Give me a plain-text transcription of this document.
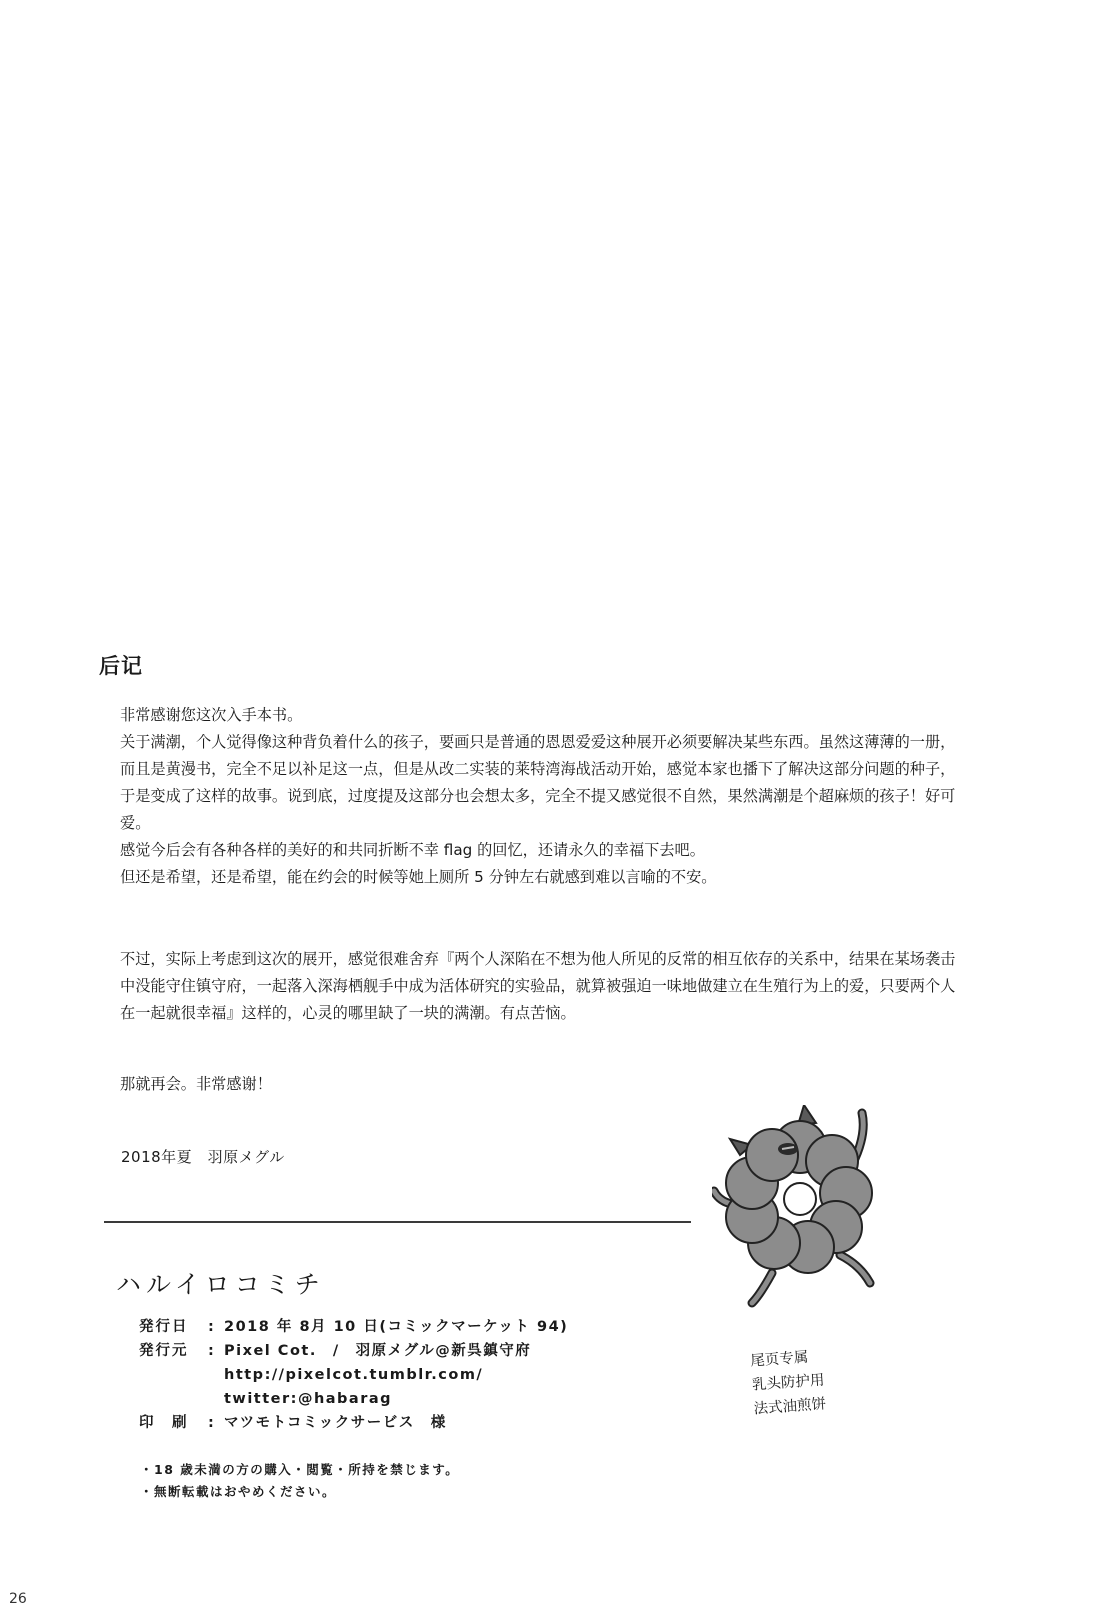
后记
非常感谢您这次入手本书。
关于满潮，个人觉得像这种背负着什么的孩子，要画只是普通的恩恩爱爱这种展开必须要解决某些东西。虽然这薄薄的一册，而且是黄漫书，完全不足以补足这一点，但是从改二实装的莱特湾海战活动开始，感觉本家也播下了解决这部分问题的种子，于是变成了这样的故事。说到底，过度提及这部分也会想太多，完全不提又感觉很不自然，果然满潮是个超麻烦的孩子！好可爱。
感觉今后会有各种各样的美好的和共同折断不幸 flag 的回忆，还请永久的幸福下去吧。
但还是希望，还是希望，能在约会的时候等她上厕所 5 分钟左右就感到难以言喻的不安。
不过，实际上考虑到这次的展开，感觉很难舍弃『两个人深陷在不想为他人所见的反常的相互依存的关系中，结果在某场袭击中没能守住镇守府，一起落入深海栖舰手中成为活体研究的实验品，就算被强迫一味地做建立在生殖行为上的爱，只要两个人在一起就很幸福』这样的，心灵的哪里缺了一块的满潮。有点苦恼。
那就再会。非常感谢！
2018年夏　羽原メグル
ハルイロコミチ
発行日	: 2018 年 8月 10 日(コミックマーケット 94)
発行元	: Pixel Cot.　/　羽原メグル@新呉鎮守府
http://pixelcot.tumblr.com/
twitter:@habarag
印　刷	: マツモトコミックサービス　様
・18 歳未満の方の購入・閲覧・所持を禁じます。
・無断転載はおやめください。
尾页专属
乳头防护用
法式油煎饼
26
